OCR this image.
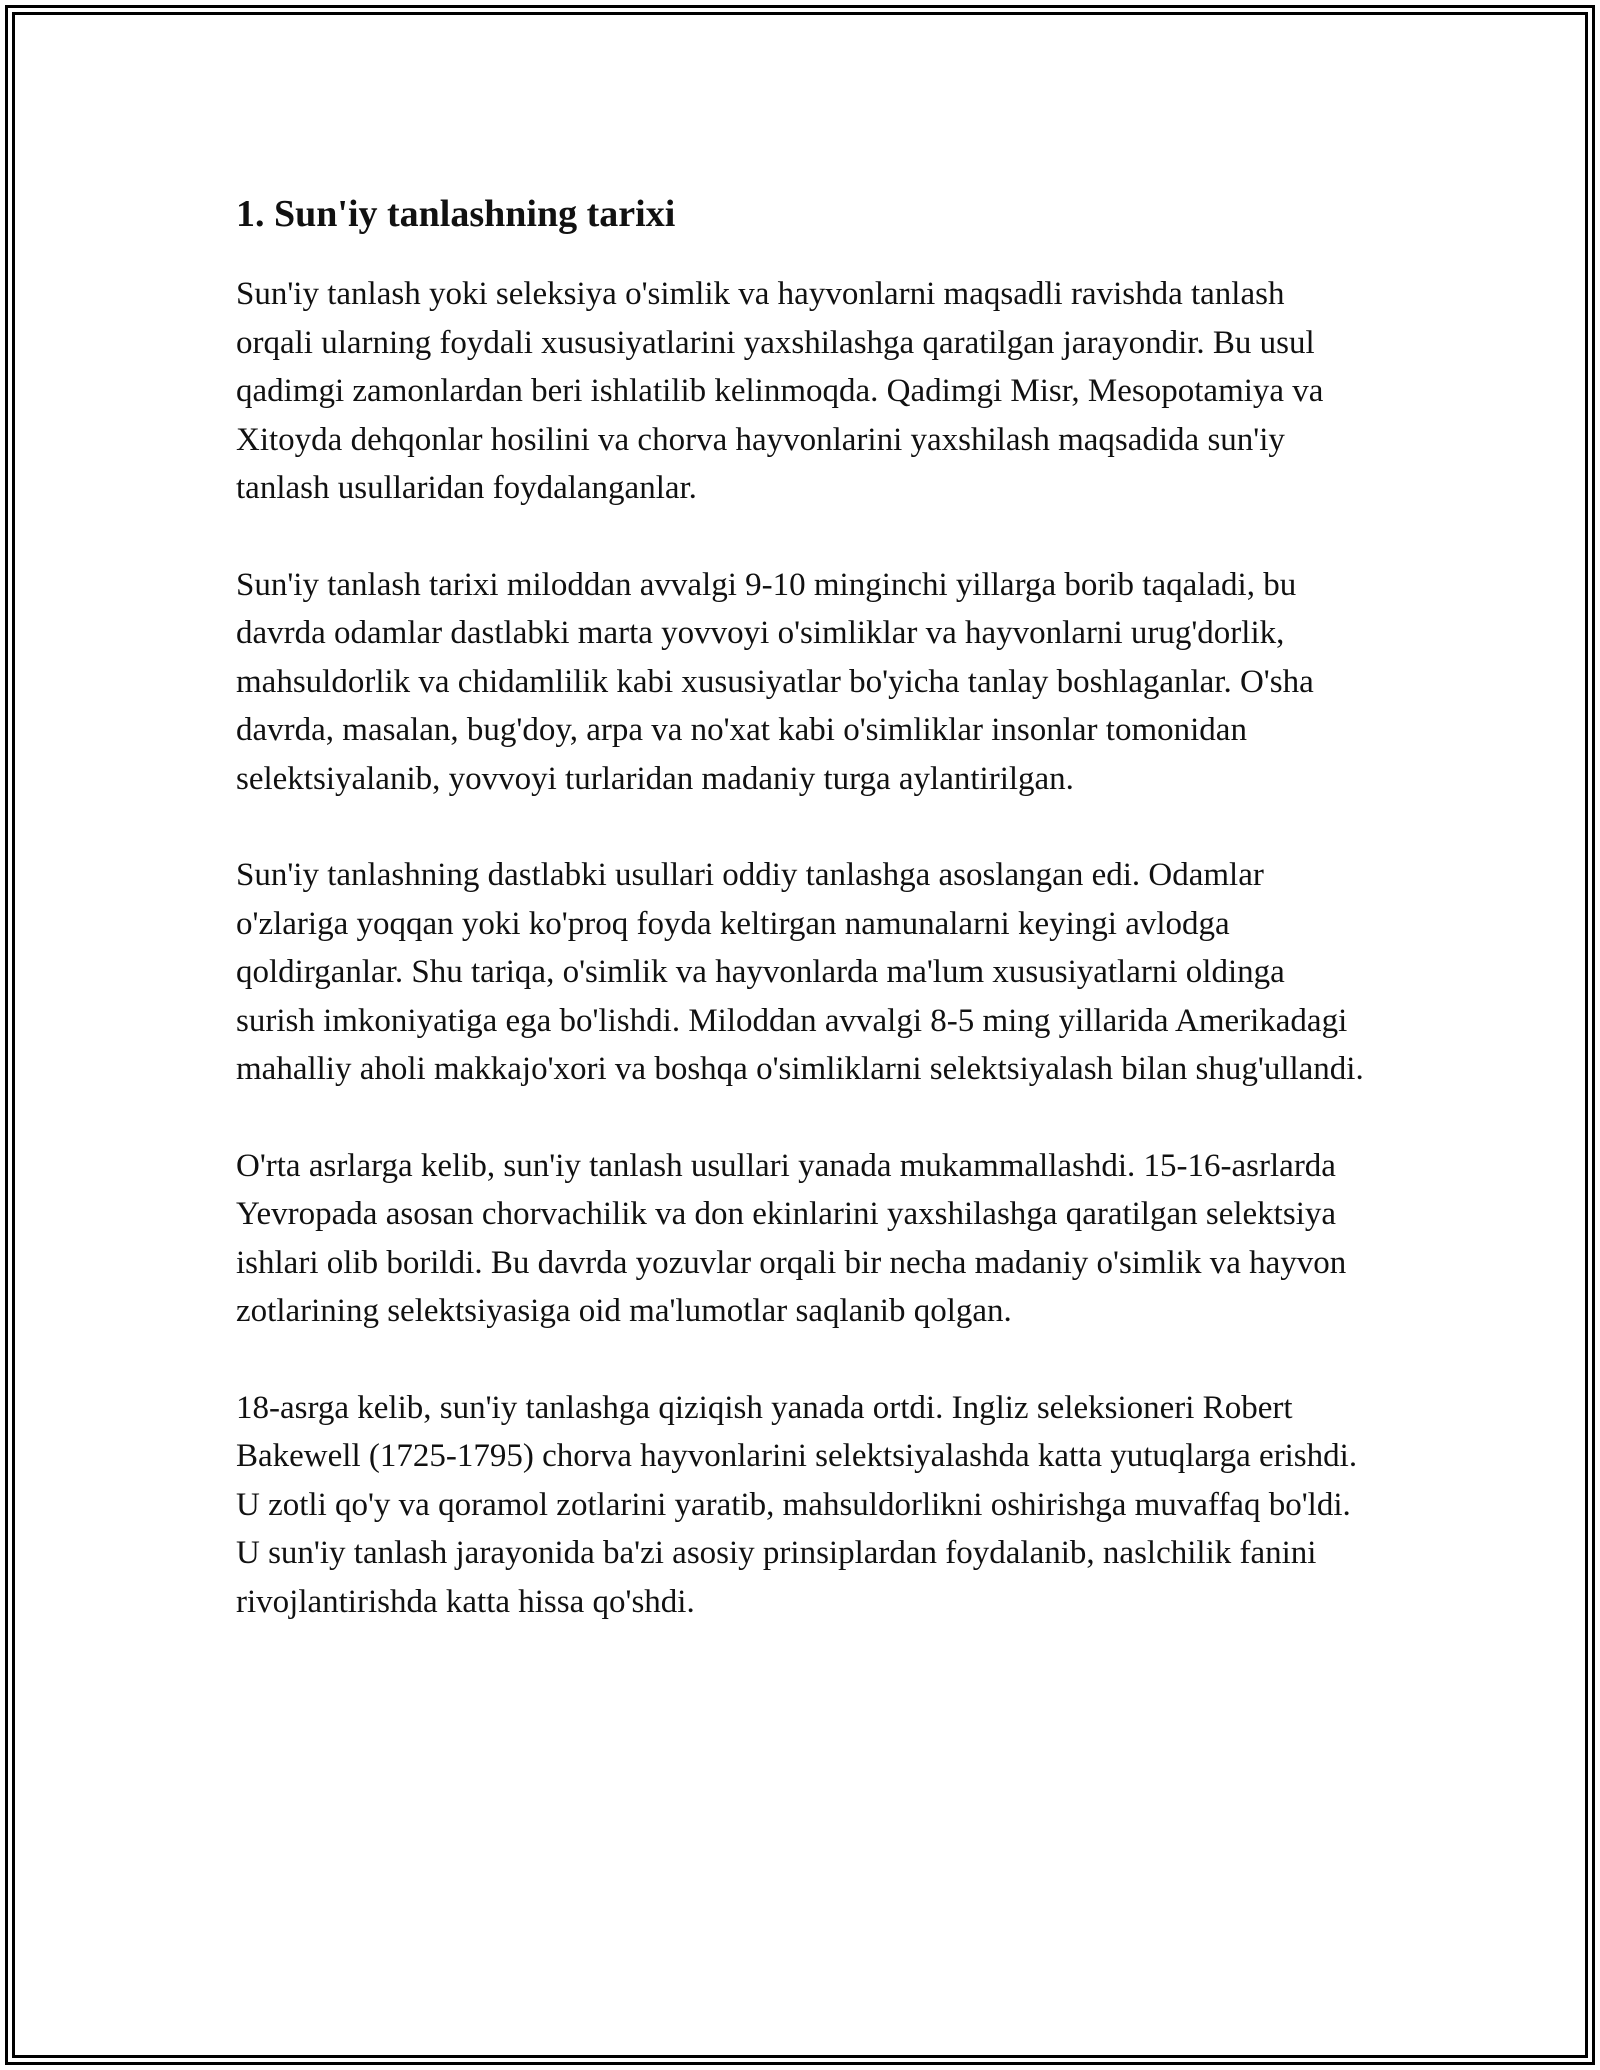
1. Sun'iy tanlashning tarixi

Sun'iy tanlash yoki seleksiya o'simlik va hayvonlarni maqsadli ravishda tanlash orqali ularning foydali xususiyatlarini yaxshilashga qaratilgan jarayondir. Bu usul qadimgi zamonlardan beri ishlatilib kelinmoqda. Qadimgi Misr, Mesopotamiya va Xitoyda dehqonlar hosilini va chorva hayvonlarini yaxshilash maqsadida sun'iy tanlash usullaridan foydalanganlar.

Sun'iy tanlash tarixi miloddan avvalgi 9-10 minginchi yillarga borib taqaladi, bu davrda odamlar dastlabki marta yovvoyi o'simliklar va hayvonlarni urug'dorlik, mahsuldorlik va chidamlilik kabi xususiyatlar bo'yicha tanlay boshlaganlar. O'sha davrda, masalan, bug'doy, arpa va no'xat kabi o'simliklar insonlar tomonidan selektsiyalanib, yovvoyi turlaridan madaniy turga aylantirilgan.

Sun'iy tanlashning dastlabki usullari oddiy tanlashga asoslangan edi. Odamlar o'zlariga yoqqan yoki ko'proq foyda keltirgan namunalarni keyingi avlodga qoldirganlar. Shu tariqa, o'simlik va hayvonlarda ma'lum xususiyatlarni oldinga surish imkoniyatiga ega bo'lishdi. Miloddan avvalgi 8-5 ming yillarida Amerikadagi mahalliy aholi makkajo'xori va boshqa o'simliklarni selektsiyalash bilan shug'ullandi.

O'rta asrlarga kelib, sun'iy tanlash usullari yanada mukammallashdi. 15-16-asrlarda Yevropada asosan chorvachilik va don ekinlarini yaxshilashga qaratilgan selektsiya ishlari olib borildi. Bu davrda yozuvlar orqali bir necha madaniy o'simlik va hayvon zotlarining selektsiyasiga oid ma'lumotlar saqlanib qolgan.

18-asrga kelib, sun'iy tanlashga qiziqish yanada ortdi. Ingliz seleksioneri Robert Bakewell (1725-1795) chorva hayvonlarini selektsiyalashda katta yutuqlarga erishdi. U zotli qo'y va qoramol zotlarini yaratib, mahsuldorlikni oshirishga muvaffaq bo'ldi. U sun'iy tanlash jarayonida ba'zi asosiy prinsiplardan foydalanib, naslchilik fanini rivojlantirishda katta hissa qo'shdi.
